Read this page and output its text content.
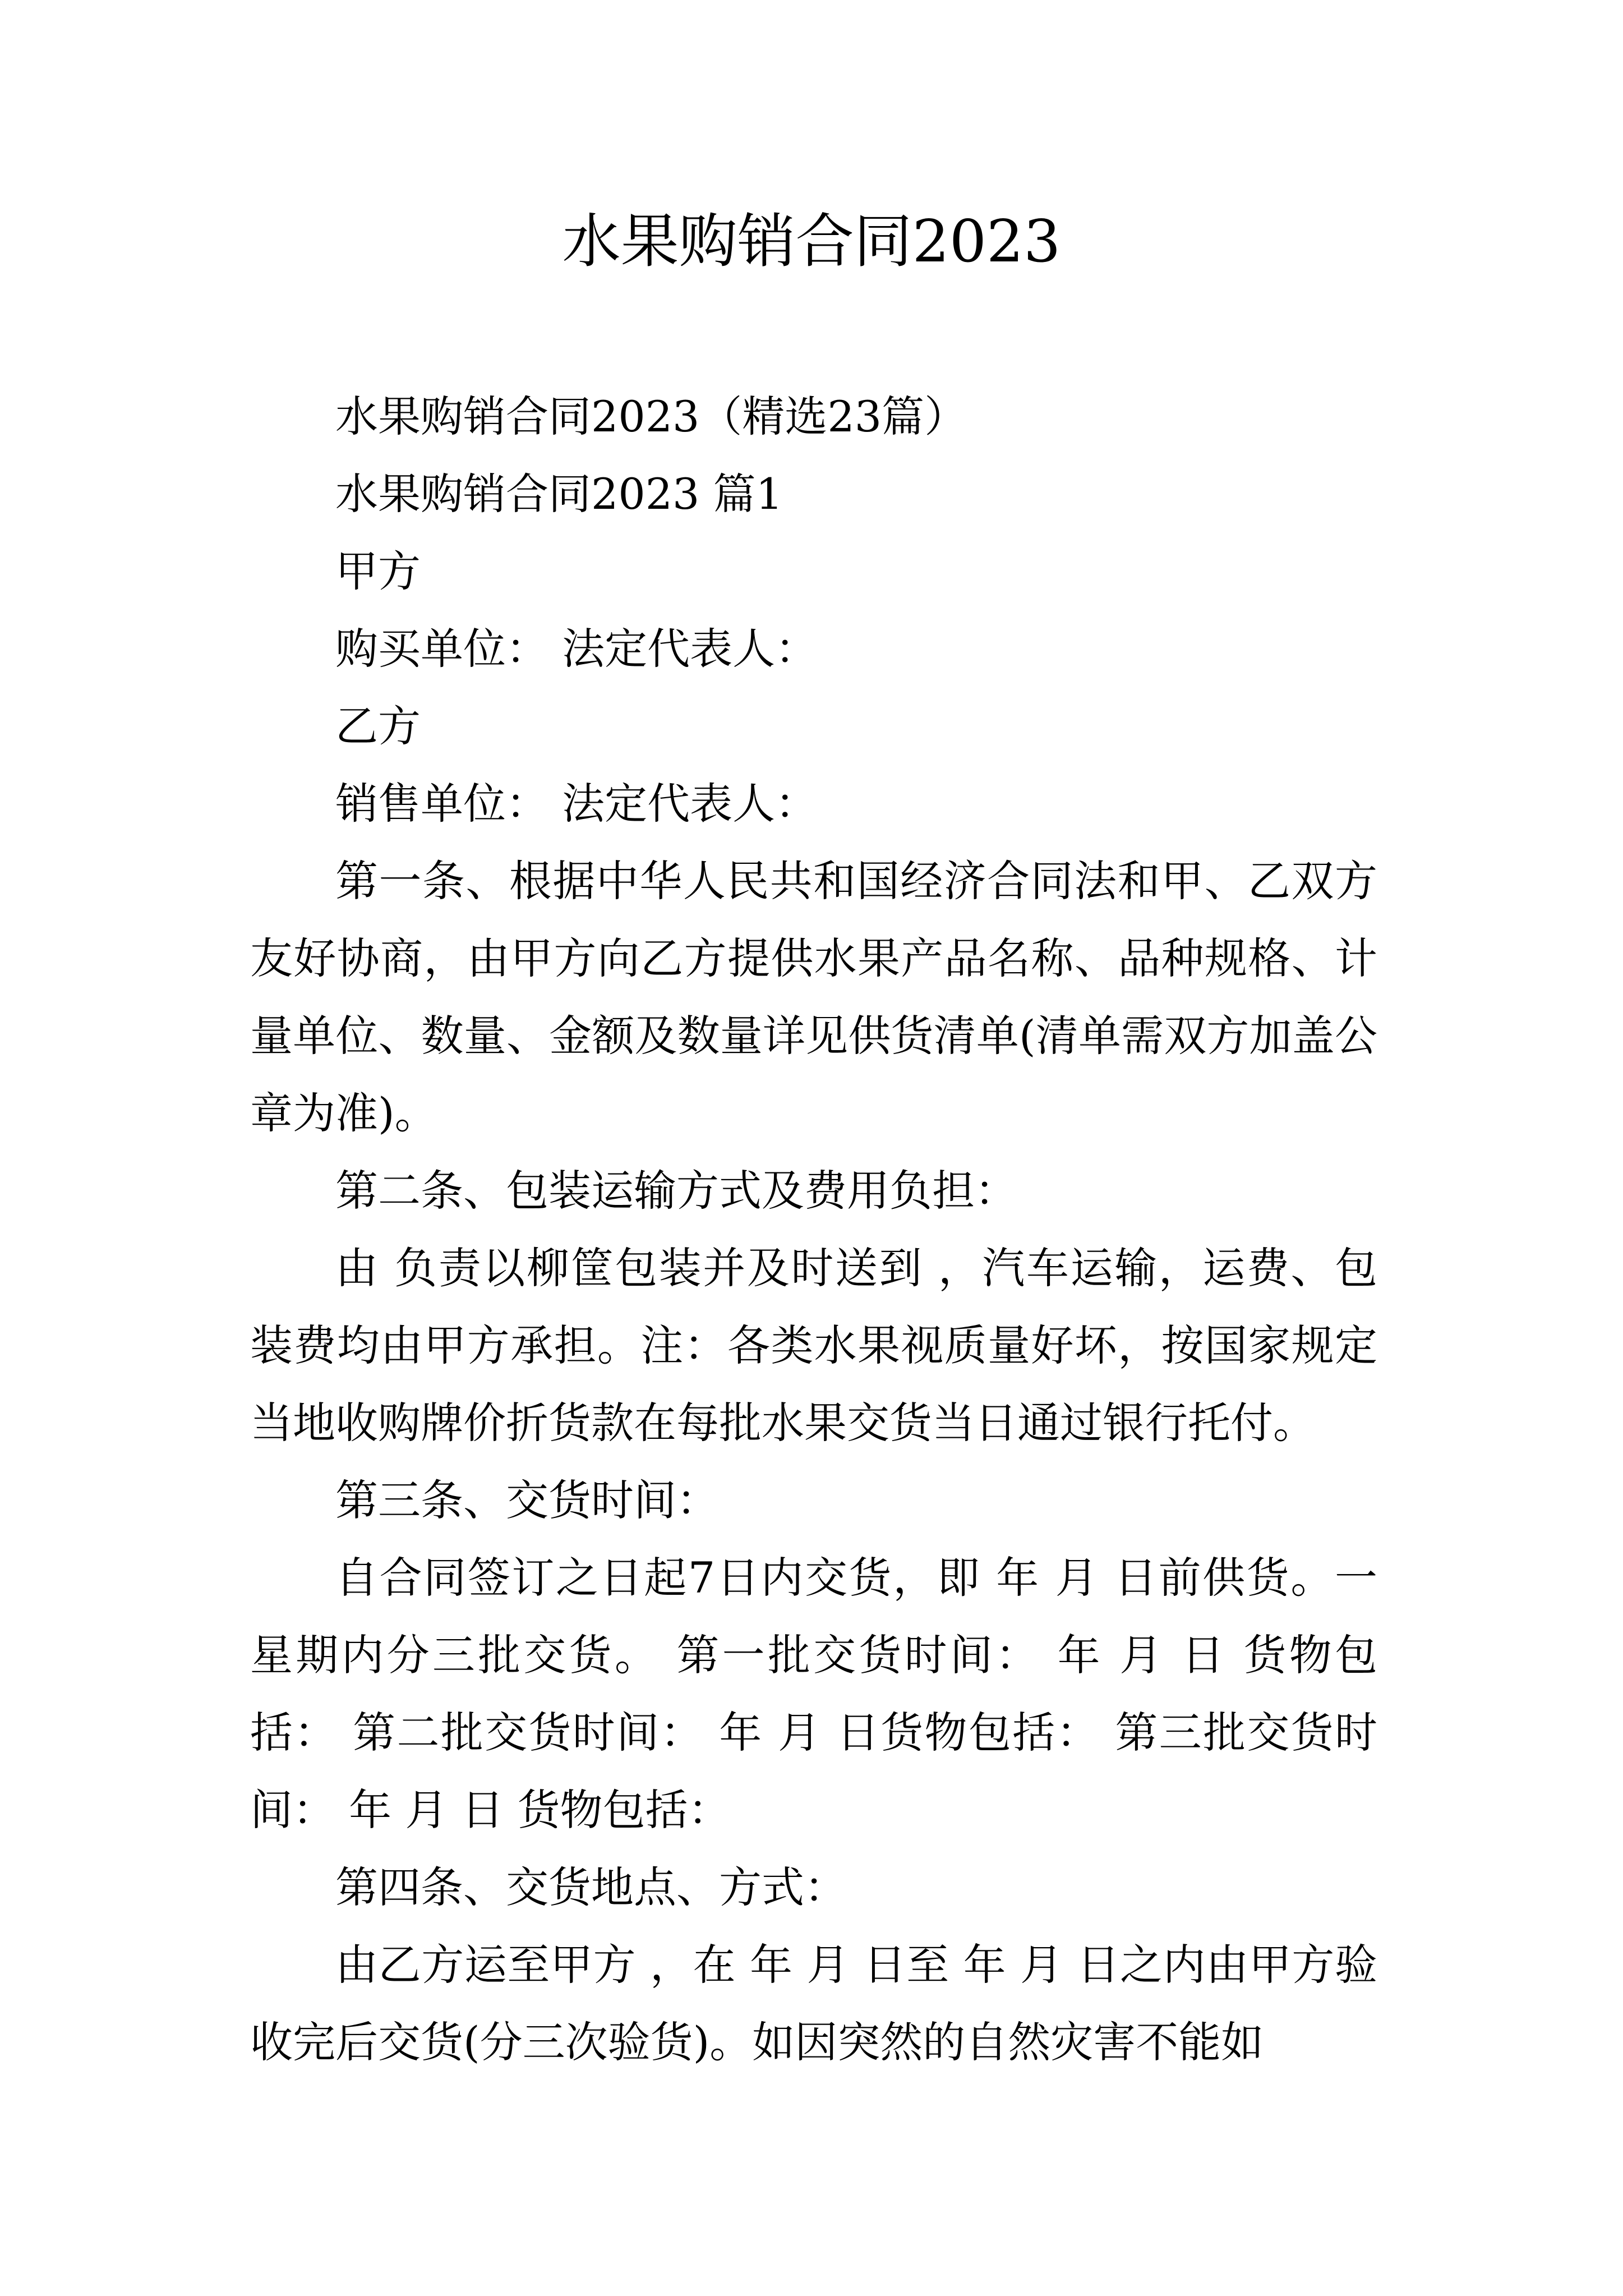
水果购销合同2023

水果购销合同2023（精选23篇）

水果购销合同2023 篇1

甲方

购买单位： 法定代表人：

乙方

销售单位： 法定代表人：

第一条、根据中华人民共和国经济合同法和甲、乙双方友好协商，由甲方向乙方提供水果产品名称、品种规格、计量单位、数量、金额及数量详见供货清单(清单需双方加盖公章为准)。

第二条、包装运输方式及费用负担：

由 负责以柳筐包装并及时送到 ，汽车运输，运费、包装费均由甲方承担。注：各类水果视质量好坏，按国家规定当地收购牌价折货款在每批水果交货当日通过银行托付。

第三条、交货时间：

自合同签订之日起7日内交货，即 年 月 日前供货。一星期内分三批交货。 第一批交货时间： 年 月 日 货物包括： 第二批交货时间： 年 月 日货物包括： 第三批交货时间： 年 月 日 货物包括：

第四条、交货地点、方式：

由乙方运至甲方 ，在 年 月 日至 年 月 日之内由甲方验收完后交货(分三次验货)。如因突然的自然灾害不能如
